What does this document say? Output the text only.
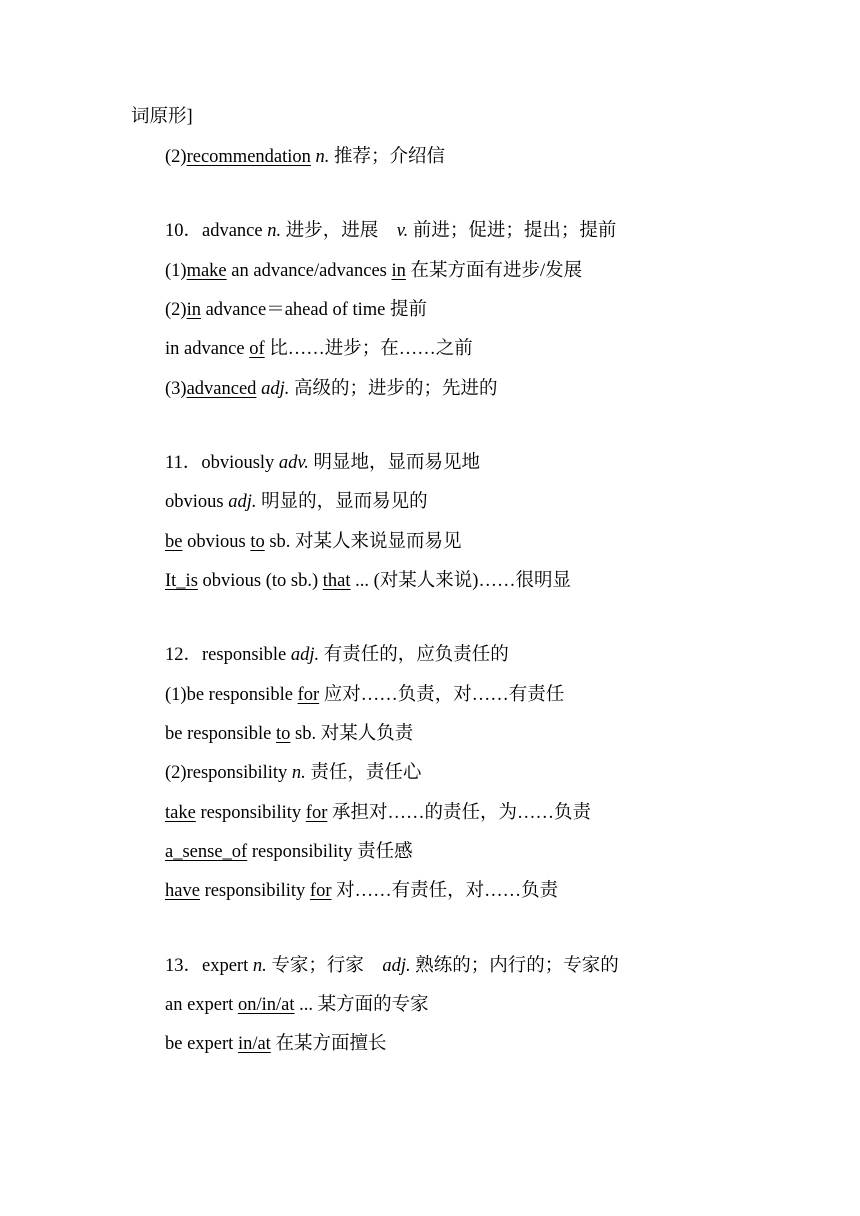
词原形]
(2)recommendation n. 推荐；介绍信
10．advance n. 进步，进展　v. 前进；促进；提出；提前
(1)make an advance/advances in 在某方面有进步/发展
(2)in advance＝ahead of time 提前
in advance of 比……进步；在……之前
(3)advanced adj. 高级的；进步的；先进的
11．obviously adv. 明显地，显而易见地
obvious adj. 明显的，显而易见的
be obvious to sb. 对某人来说显而易见
It_is obvious (to sb.) that ... (对某人来说)……很明显
12．responsible adj. 有责任的，应负责任的
(1)be responsible for 应对……负责，对……有责任
be responsible to sb. 对某人负责
(2)responsibility n. 责任，责任心
take responsibility for 承担对……的责任，为……负责
a_sense_of responsibility 责任感
have responsibility for 对……有责任，对……负责
13．expert n. 专家；行家　adj. 熟练的；内行的；专家的
an expert on/in/at ... 某方面的专家
be expert in/at 在某方面擅长
